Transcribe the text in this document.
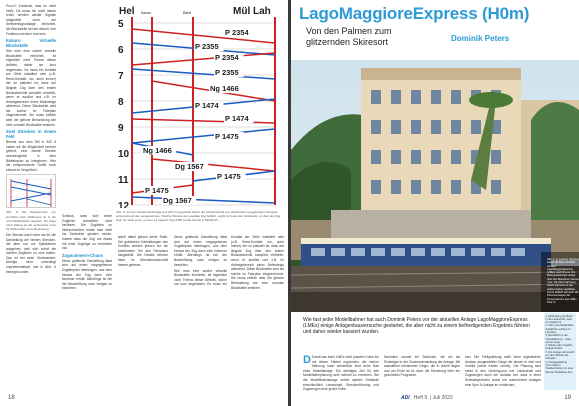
Prozu? Zunächst, was es nicht heißt: Da muss ich nicht davon redet, werden wieder Signale aufgestellt noch am Stellwerksgrundlage einrichtet, die Blockstelle ist rein virtuell, ihre Funktion soll aber real sein.

Exkurs: Virtuelle Blockstelle

Wie man eine solche virtuelle Blockstelle einrichtet, ist eigentlich nicht Thema dieser Artikels, daher nur kurz angerissen. Es muss ein Kontakt am Gleis installiert sein (z.B. Reed-Kontakt, wo, auch immer) der so platziert ist, dass der längste Zug über den ersten Blockabschnitt komplett verbleibt, wenn er auslöst und z.B. im Anfangsbereich eines Bahnsteigs abbremst. Diese Blockstelle wird als solche im Fahrplan eingezeichnet. Sie muss zeitlich aber die gleiche Behandlung wie eine normale Blockstelle erfahren.

Zwei Strecken in einem Feld

Bereits aus dem Teil in ADI 8 haben wir die Möglichkeit kennen gelernt, eine zweite Strecke streckengleich in dem Bildfahrplan zu integrieren. Hier die entsprechende Grafik noch einmal im Vergrößert:

Abb. 5: Die Zweigstrecke von Großfeld nach Wallensee ist in die noch Bildfahrplan integriert. Für Züge nach Ebang ist die senkrechte Linie für Wallenstein ohne Bedeutung.

Die Strecke nach mehr als für die Darstellung der beiden Strecken, die aber nur vor Spitzkehren ausgehen, weil sich sonst die dichten Zuglinien zu sehr ballen. Das ist bei einer Gleiswendel-Abfolge nicht unbedingt unproblematisch, wie in Abb. 6 bezeigt worden.

Hel Abzw	Bled	Mül Lah
5
6
7
8
9
10
11
12
P 2354
P 2355
P 2354
P 2355
Ng 1466
P 1474
P 1474
P 1475
Ng 1466
Dg 1567
P 1475
P 1475
Dg 1567
Abb. 6: Auf der Heidenstreifenlage aus ADI 5 angewandt fehlen die Streifenwertel von Heidenstein ausgehenden Strecken entsprechend den ausgedehnten. Welche Strecke der jeweilige Zug befährt, ergibt sich aus dem Endpunkt, an dem der Zug liegt. So steht jener, an dem es beginnt. Zug 2355 wurde bereits in Mühlkirch ...

Schluss, dass sich keine Zuglinien schneiden oder berühren. Die Zuglinien zu überschneiden, wobei man nicht ins Schlechte geraten würde, zudem dass der Zug nur etwas mit einer Zugfolge zu verrichten hat.

Zugnummern-Chaos

Diese grafische Darstellung lässt sich auf einen vorgegebenen Zugfahrplan übertragen, aus dem heraus der Zug dann eine Nummer erhält. Allerdings ist bei der Beschriftung noch einiges zu beachten.

spielt dabei jedoch keine Rolle. Die grafischen Darstellungen des Vorbilds werden jedoch nur die bestimmten Teil des Fahrplans dargestellt. Die Details werden dann im Streckenausschnitt besser gelesen.

Diese grafische Darstellung lässt sich auf einen vorgegebenen Zugfahrplan übertragen, aus dem heraus der Zug dann eine Nummer erhält. Allerdings ist bei der Beschriftung noch einiges zu beachten.

Wie man eine solche virtuelle Blockstelle einrichtet, ist eigentlich nicht Thema dieser Artikels, daher nur kurz angerissen. Es muss ein Kontakt am Gleis installiert sein (z.B. Reed-Kontakt, wo, auch immer) der so platziert ist, dass der längste Zug über den ersten Blockabschnitt komplett verbleibt, wenn er auslöst und z.B. im Anfangsbereich eines Bahnsteigs abbremst. Diese Blockstelle wird als solche im Fahrplan eingezeichnet. Sie muss zeitlich aber die gleiche Behandlung wie eine normale Blockstelle erfahren.

18
LagoMaggioreExpress (H0m)
Von den Palmen zum glitzernden Skiresort	Dominik Peters
Abb. 1: In Locarno Stazione startet die 60er 4/4 40D1 mit dem LagoMaggioreExpress (LMEx) nach Brunni. Die Bahngesellschaft verlegt über drei Maschinen dieses Typs. Die 60er Fahrzeug Ge4/4 stammen in den selben Farben rapidblau-creme lackiert wie auch die Personenwagen der Kompositionen des LMEx. Foto: D
Wie fast jeder Modellbahner hat auch Dominik Peters vor der aktuellen Anlage LagoMaggioreExpress (LMEx) einige Anlagenbauversuche gestartet, die aber nicht zu einem befriedigenden Ergebnis führten und daher wieder kassiert wurden.
D Damit das beim LMEx nicht passiert, habe ich mir dieser Fakten ergründen, die meiner Meinung nach wesentlich sind beim Bau einer Modellanlage. Ein wichtiges Ziel für den Modellbahnplanung sehr schnell zu erreichen. Bei der Modellbahnanlage selbst spielen Gebäude einschließlich Landschaft, Streckenführung und Zugmengen eine große Rolle.

Nachdem kannte ich Stationen, die ich als Einsteiger in der Zusammenstellung der Anlage. Mit auswählen bestimmter Dinge, die in Arbeit liegen und am Ende ist es dann die Steuerung über ein gescheites Programm.

ben. Die Fertigstellung stellt beim eigentlichen Ausbau ausgewählter Dinge die diesen in sich und Vorbild (siehe Karten rechts). Die Planung sind meist in den Vordergrund von Landschaft und Zugmengen auch der Ausbau bei, dass in einer Schmalspurbahn sowie mit ausreichend Anlagen eine Spur N-Anlage im nördlichen.

1. Einbindung der Bahn in die Landschaft, dass es möglich ist
2. Sehr gute Möglichkeit Zugfahrten entlang zu betreiben
3. Betrieblich in der Überaltfahrung – Alles soll so lange
4. Wieder gibt mögliche Gelegenheiten
5. Die Anlage soll sowohl vor dem Betrieb wie Fahrplan
6. Fertiggestellung (Konmodul in Teilabschnitten) zu einer Zeit der Modellbau-Zeit
ADI Heft 9  | Juli 2023	19
